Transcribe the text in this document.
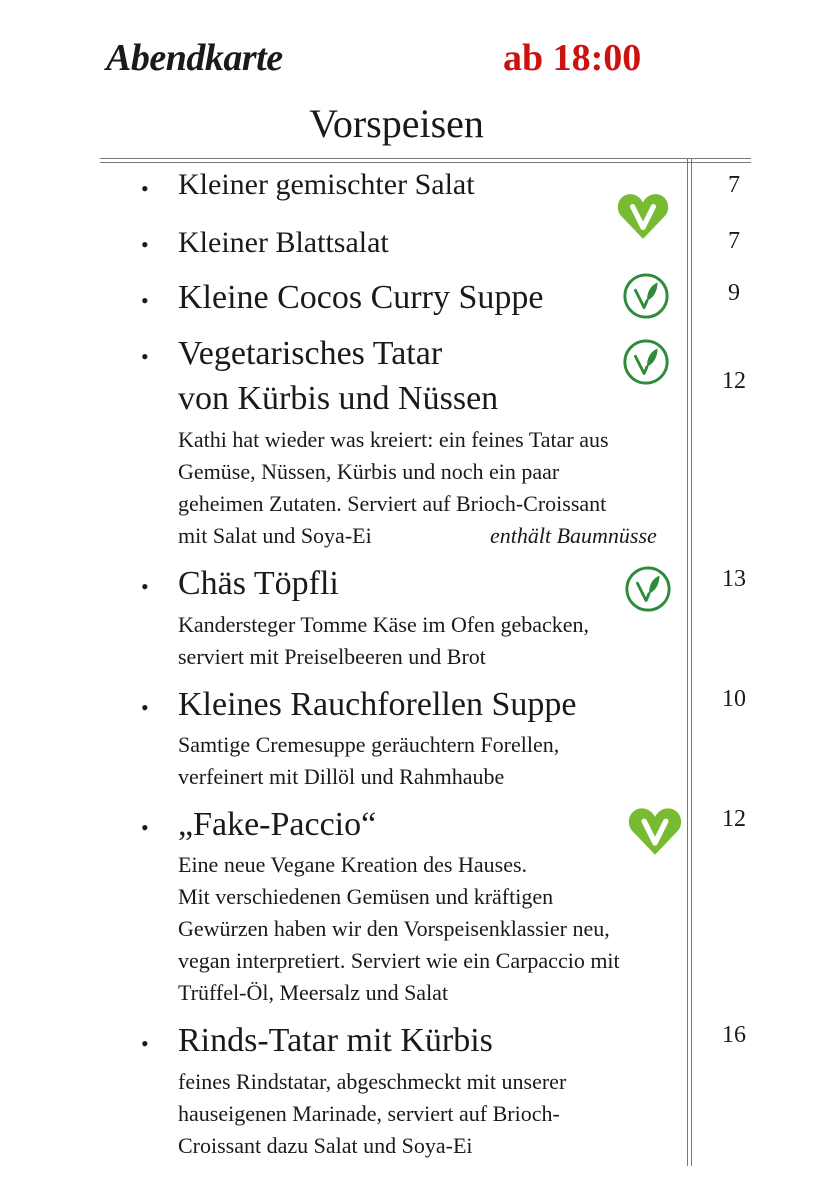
Abendkarte	ab 18:00
Vorspeisen
•
Kleiner gemischter Salat	7
•
Kleiner Blattsalat	7
•
Kleine Cocos Curry Suppe	9
•
Vegetarisches Tatar
von Kürbis und Nüssen
Kathi hat wieder was kreiert: ein feines Tatar aus
Gemüse, Nüssen, Kürbis und noch ein paar
geheimen Zutaten. Serviert auf Brioch-Croissant
mit Salat und Soya-Ei	enthält Baumnüsse
12
•
Chäs Töpfli
Kandersteger Tomme Käse im Ofen gebacken,
serviert mit Preiselbeeren und Brot
13
•
Kleines Rauchforellen Suppe
Samtige Cremesuppe geräuchtern Forellen,
verfeinert mit Dillöl und Rahmhaube
10
•
„Fake-Paccio“
Eine neue Vegane Kreation des Hauses.
Mit verschiedenen Gemüsen und kräftigen
Gewürzen haben wir den Vorspeisenklassier neu,
vegan interpretiert. Serviert wie ein Carpaccio mit
Trüffel-Öl, Meersalz und Salat
12
•
Rinds-Tatar mit Kürbis
feines Rindstatar, abgeschmeckt mit unserer
hauseigenen Marinade, serviert auf Brioch-
Croissant dazu Salat und Soya-Ei
16
